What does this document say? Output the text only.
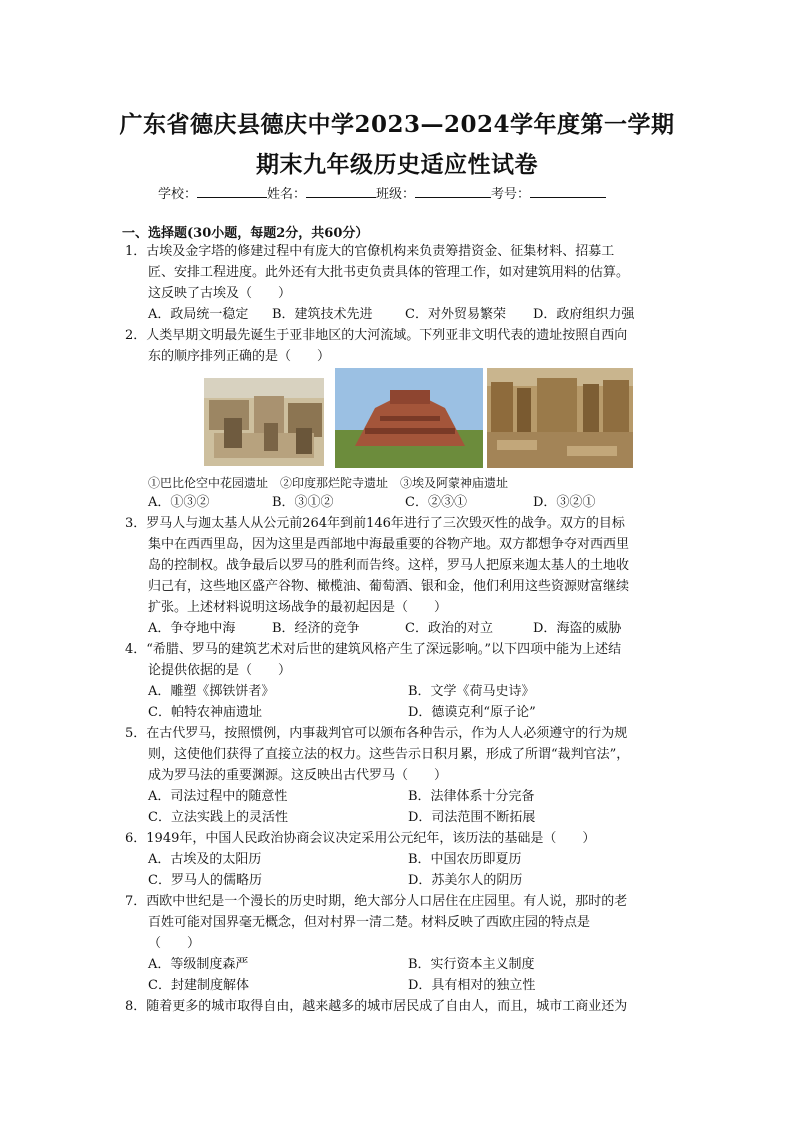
广东省德庆县德庆中学2023—2024学年度第一学期
期末九年级历史适应性试卷
学校：	姓名：	班级：	考号：
一、选择题(30小题，每题2分，共60分）
1．古埃及金字塔的修建过程中有庞大的官僚机构来负责筹措资金、征集材料、招募工
匠、安排工程进度。此外还有大批书吏负责具体的管理工作，如对建筑用料的估算。
这反映了古埃及（　　）
A．政局统一稳定 B．建筑技术先进 C．对外贸易繁荣 D．政府组织力强
2．人类早期文明最先诞生于亚非地区的大河流域。下列亚非文明代表的遗址按照自西向
东的顺序排列正确的是（　　）
①巴比伦空中花园遗址　②印度那烂陀寺遗址　③埃及阿蒙神庙遗址
A．①③②	B．③①②	C．②③①	D．③②①
3．罗马人与迦太基人从公元前264年到前146年进行了三次毁灭性的战争。双方的目标
集中在西西里岛，因为这里是西部地中海最重要的谷物产地。双方都想争夺对西西里
岛的控制权。战争最后以罗马的胜利而告终。这样，罗马人把原来迦太基人的土地收
归己有，这些地区盛产谷物、橄榄油、葡萄酒、银和金，他们利用这些资源财富继续
扩张。上述材料说明这场战争的最初起因是（　　）
A．争夺地中海	B．经济的竞争	C．政治的对立	D．海盗的威胁
4．“希腊、罗马的建筑艺术对后世的建筑风格产生了深远影响。”以下四项中能为上述结
论提供依据的是（　　）
A．雕塑《掷铁饼者》	B．文学《荷马史诗》
C．帕特农神庙遗址	D．德谟克利“原子论”
5．在古代罗马，按照惯例，内事裁判官可以颁布各种告示，作为人人必须遵守的行为规
则，这使他们获得了直接立法的权力。这些告示日积月累，形成了所谓“裁判官法”，
成为罗马法的重要渊源。这反映出古代罗马（　　）
A．司法过程中的随意性	B．法律体系十分完备
C．立法实践上的灵活性	D．司法范围不断拓展
6．1949年，中国人民政治协商会议决定采用公元纪年，该历法的基础是（　　）
A．古埃及的太阳历	B．中国农历即夏历
C．罗马人的儒略历	D．苏美尔人的阴历
7．西欧中世纪是一个漫长的历史时期，绝大部分人口居住在庄园里。有人说，那时的老
百姓可能对国界毫无概念，但对村界一清二楚。材料反映了西欧庄园的特点是
（　　）
A．等级制度森严	B．实行资本主义制度
C．封建制度解体	D．具有相对的独立性
8．随着更多的城市取得自由，越来越多的城市居民成了自由人，而且，城市工商业还为
